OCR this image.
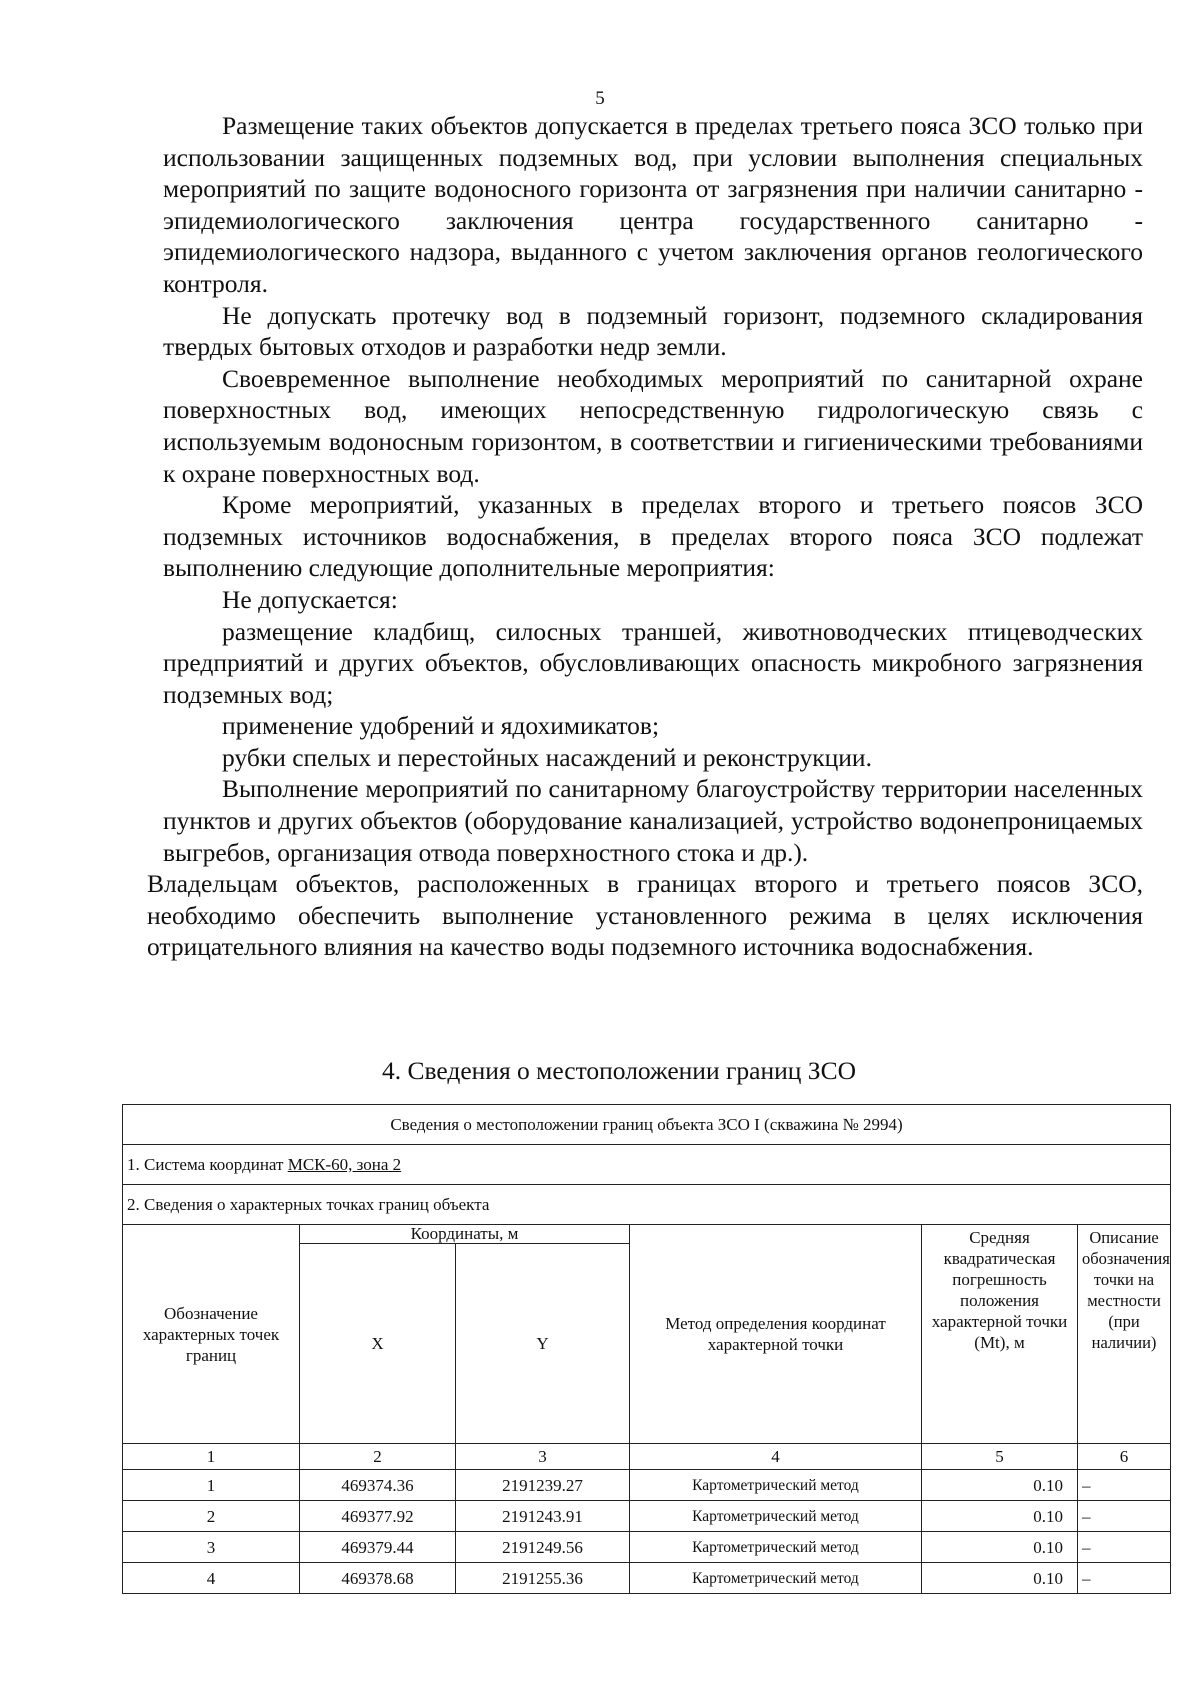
5

Размещение таких объектов допускается в пределах третьего пояса ЗСО только при использовании защищенных подземных вод, при условии выполнения специальных мероприятий по защите водоносного горизонта от загрязнения при наличии санитарно - эпидемиологического заключения центра государственного санитарно - эпидемиологического надзора, выданного с учетом заключения органов геологического контроля.

Не допускать протечку вод в подземный горизонт, подземного складирования твердых бытовых отходов и разработки недр земли.

Своевременное выполнение необходимых мероприятий по санитарной охране поверхностных вод, имеющих непосредственную гидрологическую связь с используемым водоносным горизонтом, в соответствии и гигиеническими требованиями к охране поверхностных вод.

Кроме мероприятий, указанных в пределах второго и третьего поясов ЗСО подземных источников водоснабжения, в пределах второго пояса ЗСО подлежат выполнению следующие дополнительные мероприятия:

Не допускается:

размещение кладбищ, силосных траншей, животноводческих птицеводческих предприятий и других объектов, обусловливающих опасность микробного загрязнения подземных вод;

применение удобрений и ядохимикатов;

рубки спелых и перестойных насаждений и реконструкции.

Выполнение мероприятий по санитарному благоустройству территории населенных пунктов и других объектов (оборудование канализацией, устройство водонепроницаемых выгребов, организация отвода поверхностного стока и др.).

Владельцам объектов, расположенных в границах второго и третьего поясов ЗСО, необходимо обеспечить выполнение установленного режима в целях исключения отрицательного влияния на качество воды подземного источника водоснабжения.

4. Сведения о местоположении границ ЗСО
Сведения о местоположении границ объекта ЗСО I (скважина № 2994)					
1. Система координат МСК-60, зона 2					
2. Сведения о характерных точках границ объекта					
Обозначение характерных точек границ	Координаты, м		Метод определения координат характерной точки	Средняя квадратическая погрешность положения характерной точки (Mt), м	Описание обозначения точки на местности (при наличии)
	X	Y			
1	2	3	4	5	6
1	469374.36	2191239.27	Картометрический метод	0.10	–
2	469377.92	2191243.91	Картометрический метод	0.10	–
3	469379.44	2191249.56	Картометрический метод	0.10	–
4	469378.68	2191255.36	Картометрический метод	0.10	–
